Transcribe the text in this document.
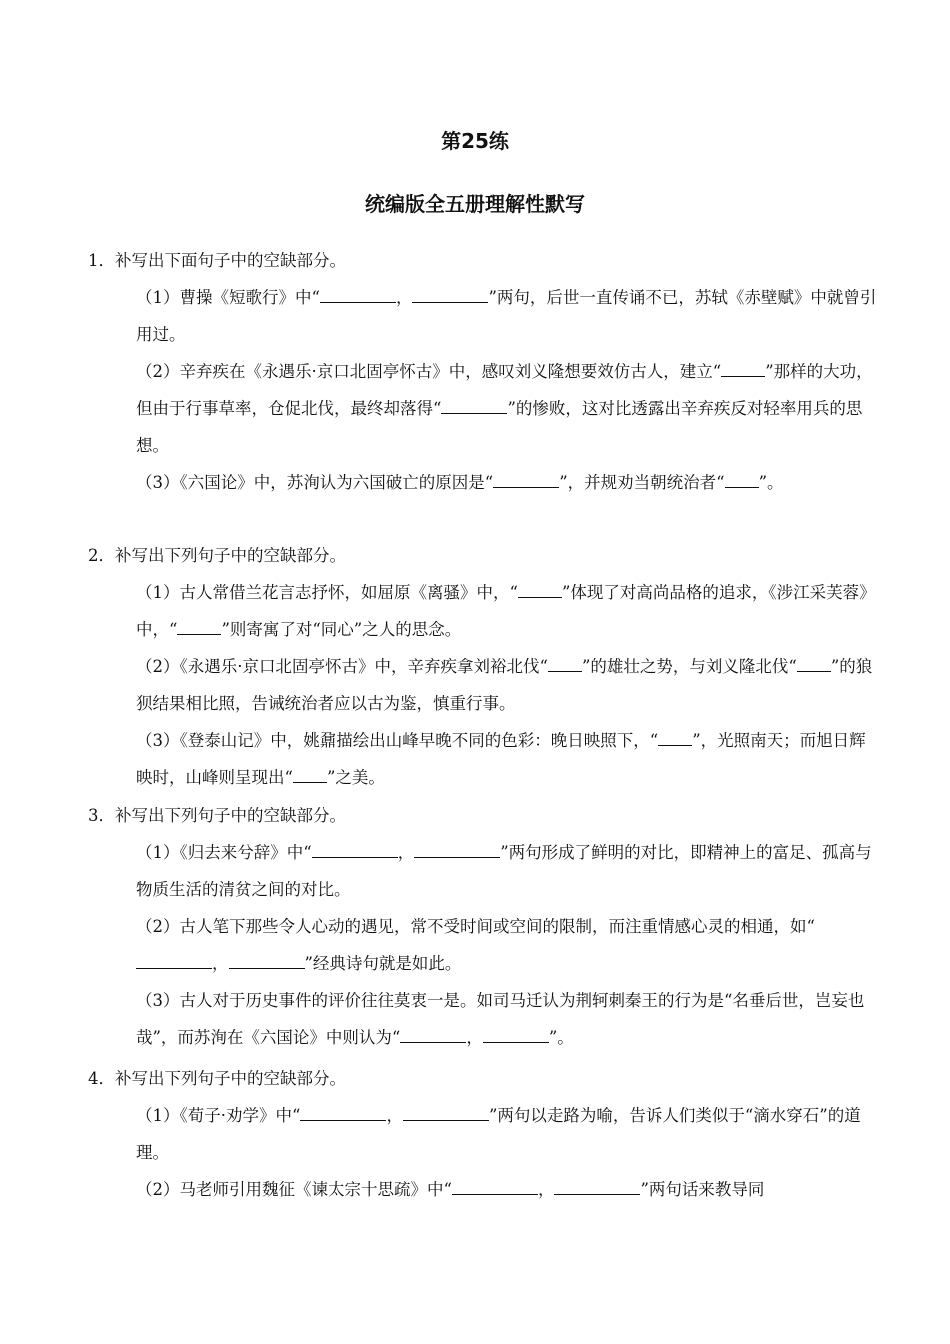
第25练
统编版全五册理解性默写
1．补写出下面句子中的空缺部分。
（1）曹操《短歌行》中“	，	”两句，后世一直传诵不已，苏轼《赤壁赋》中就曾引用过。
（2）辛弃疾在《永遇乐·京口北固亭怀古》中，感叹刘义隆想要效仿古人，建立“	”那样的大功，但由于行事草率，仓促北伐，最终却落得“	”的惨败，这对比透露出辛弃疾反对轻率用兵的思想。
（3）《六国论》中，苏洵认为六国破亡的原因是“	”，并规劝当朝统治者“ ”。
2．补写出下列句子中的空缺部分。
（1）古人常借兰花言志抒怀，如屈原《离骚》中，“	”体现了对高尚品格的追求，《涉江采芙蓉》中，“	”则寄寓了对“同心”之人的思念。
（2）《永遇乐·京口北固亭怀古》中，辛弃疾拿刘裕北伐“ ”的雄壮之势，与刘义隆北伐“ ”的狼狈结果相比照，告诫统治者应以古为鉴，慎重行事。
（3）《登泰山记》中，姚鼐描绘出山峰早晚不同的色彩：晚日映照下，“ ”，光照南天；而旭日辉映时，山峰则呈现出“ ”之美。
3．补写出下列句子中的空缺部分。
（1）《归去来兮辞》中“	，	”两句形成了鲜明的对比，即精神上的富足、孤高与物质生活的清贫之间的对比。
（2）古人笔下那些令人心动的遇见，常不受时间或空间的限制，而注重情感心灵的相通，如“，	”经典诗句就是如此。
（3）古人对于历史事件的评价往往莫衷一是。如司马迁认为荆轲刺秦王的行为是“名垂后世，岂妄也哉”，而苏洵在《六国论》中则认为“	，	”。
4．补写出下列句子中的空缺部分。
（1）《荀子·劝学》中“	，	”两句以走路为喻，告诉人们类似于“滴水穿石”的道理。
（2）马老师引用魏征《谏太宗十思疏》中“	，	”两句话来教导同
